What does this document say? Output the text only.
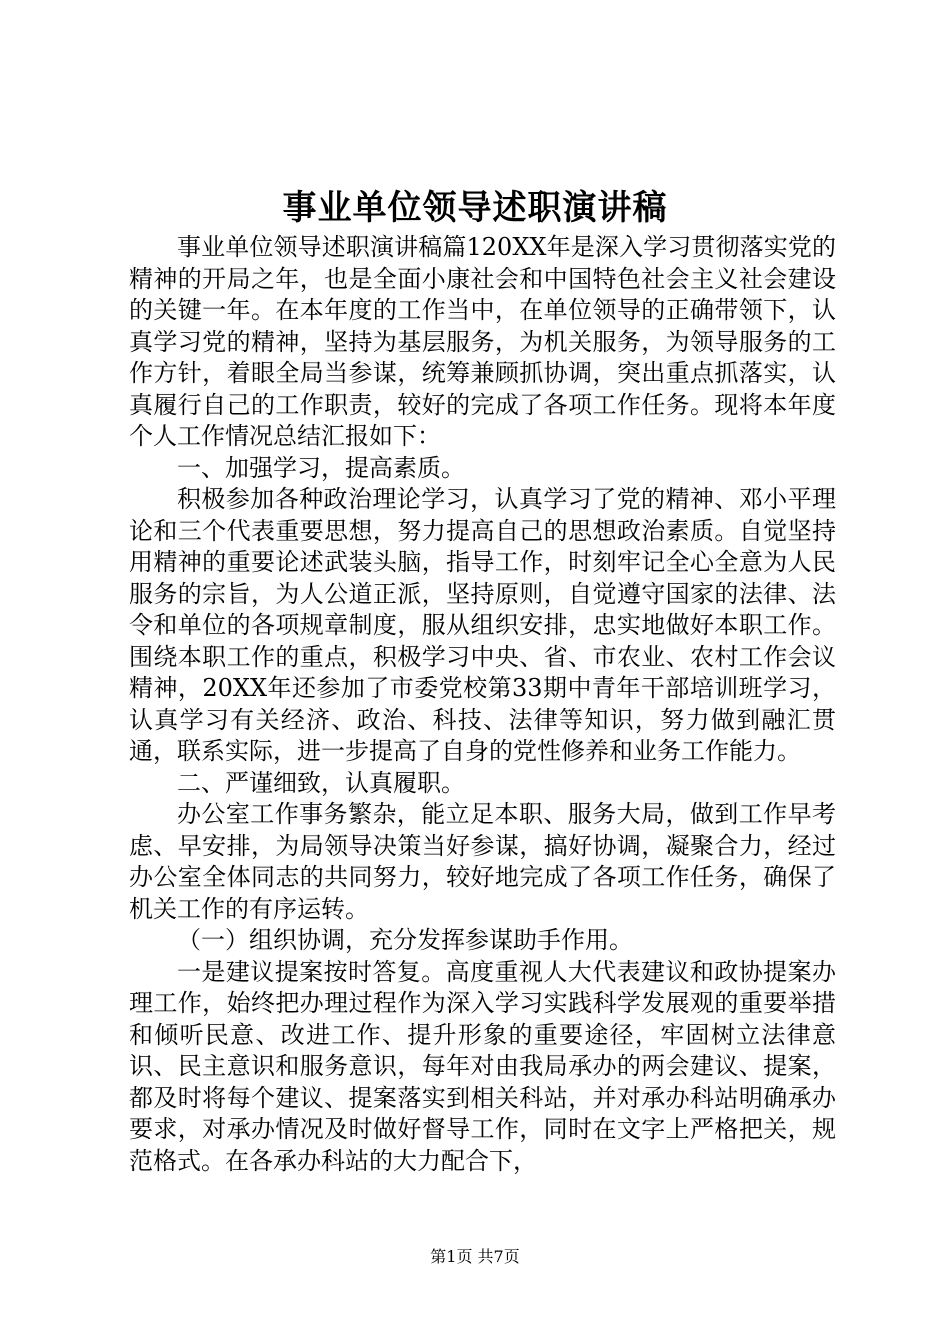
事业单位领导述职演讲稿

事业单位领导述职演讲稿篇120XX年是深入学习贯彻落实党的精神的开局之年，也是全面小康社会和中国特色社会主义社会建设的关键一年。在本年度的工作当中，在单位领导的正确带领下，认真学习党的精神，坚持为基层服务，为机关服务，为领导服务的工作方针，着眼全局当参谋，统筹兼顾抓协调，突出重点抓落实，认真履行自己的工作职责，较好的完成了各项工作任务。现将本年度个人工作情况总结汇报如下：

一、加强学习，提高素质。

积极参加各种政治理论学习，认真学习了党的精神、邓小平理论和三个代表重要思想，努力提高自己的思想政治素质。自觉坚持用精神的重要论述武装头脑，指导工作，时刻牢记全心全意为人民服务的宗旨，为人公道正派，坚持原则，自觉遵守国家的法律、法令和单位的各项规章制度，服从组织安排，忠实地做好本职工作。围绕本职工作的重点，积极学习中央、省、市农业、农村工作会议精神，20XX年还参加了市委党校第33期中青年干部培训班学习，认真学习有关经济、政治、科技、法律等知识，努力做到融汇贯通，联系实际，进一步提高了自身的党性修养和业务工作能力。

二、严谨细致，认真履职。

办公室工作事务繁杂，能立足本职、服务大局，做到工作早考虑、早安排，为局领导决策当好参谋，搞好协调，凝聚合力，经过办公室全体同志的共同努力，较好地完成了各项工作任务，确保了机关工作的有序运转。

（一）组织协调，充分发挥参谋助手作用。

一是建议提案按时答复。高度重视人大代表建议和政协提案办理工作，始终把办理过程作为深入学习实践科学发展观的重要举措和倾听民意、改进工作、提升形象的重要途径，牢固树立法律意识、民主意识和服务意识，每年对由我局承办的两会建议、提案，都及时将每个建议、提案落实到相关科站，并对承办科站明确承办要求，对承办情况及时做好督导工作，同时在文字上严格把关，规范格式。在各承办科站的大力配合下，

第1页 共7页
